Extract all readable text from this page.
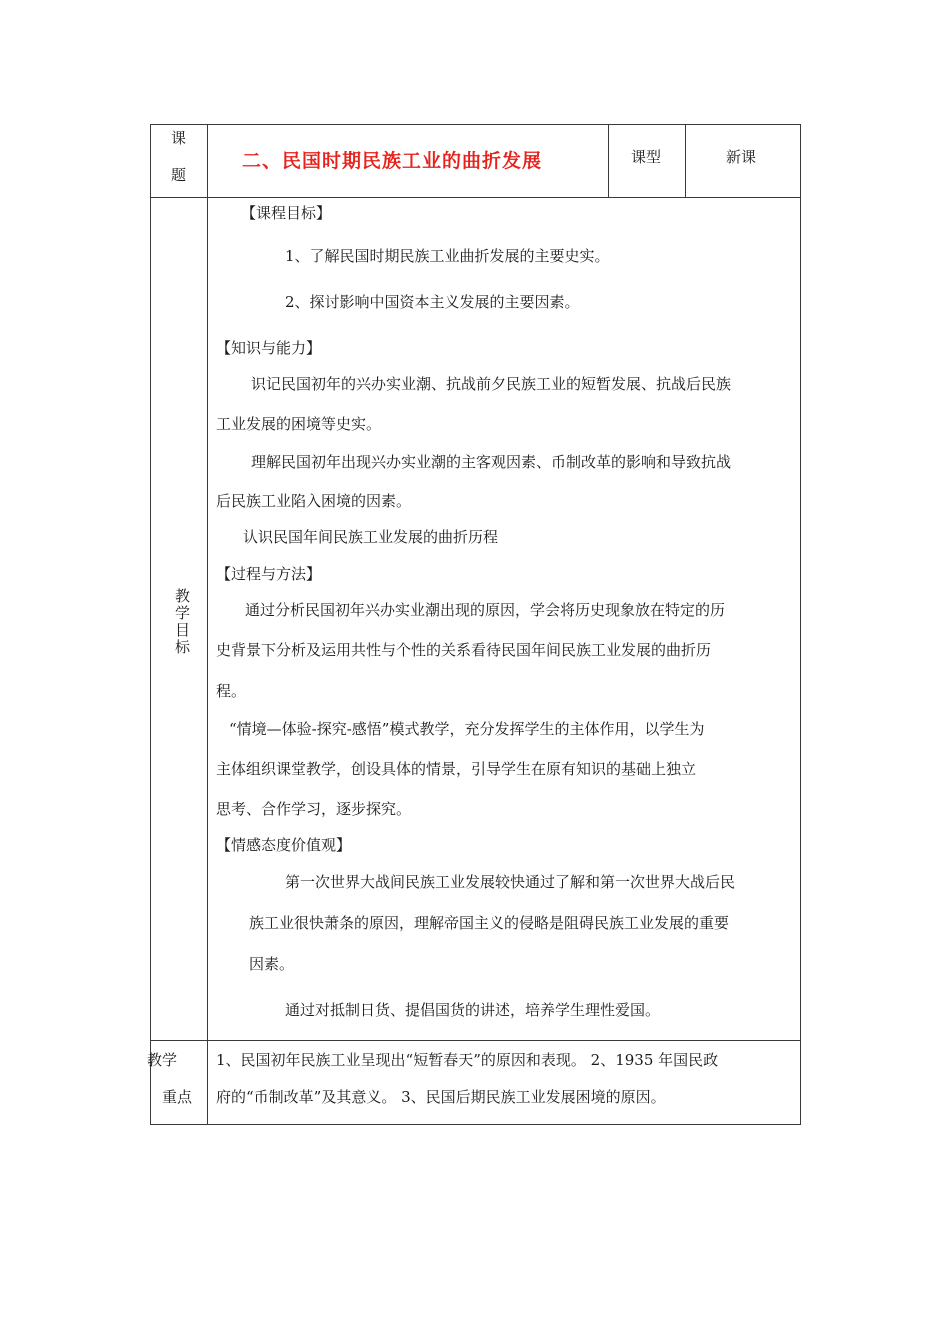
课
题
二、民国时期民族工业的曲折发展	课型	新课
教
学
目
标
【课程目标】
1、了解民国时期民族工业曲折发展的主要史实。
2、探讨影响中国资本主义发展的主要因素。
【知识与能力】
识记民国初年的兴办实业潮、抗战前夕民族工业的短暂发展、抗战后民族
工业发展的困境等史实。
理解民国初年出现兴办实业潮的主客观因素、币制改革的影响和导致抗战
后民族工业陷入困境的因素。
认识民国年间民族工业发展的曲折历程
【过程与方法】
通过分析民国初年兴办实业潮出现的原因，学会将历史现象放在特定的历
史背景下分析及运用共性与个性的关系看待民国年间民族工业发展的曲折历
程。
“情境—体验-探究-感悟”模式教学，充分发挥学生的主体作用，以学生为
主体组织课堂教学，创设具体的情景，引导学生在原有知识的基础上独立
思考、合作学习，逐步探究。
【情感态度价值观】
第一次世界大战间民族工业发展较快通过了解和第一次世界大战后民
族工业很快萧条的原因，理解帝国主义的侵略是阻碍民族工业发展的重要
因素。
通过对抵制日货、提倡国货的讲述，培养学生理性爱国。
教学
重点
1、民国初年民族工业呈现出“短暂春天”的原因和表现。 2、1935 年国民政
府的“币制改革”及其意义。 3、民国后期民族工业发展困境的原因。
